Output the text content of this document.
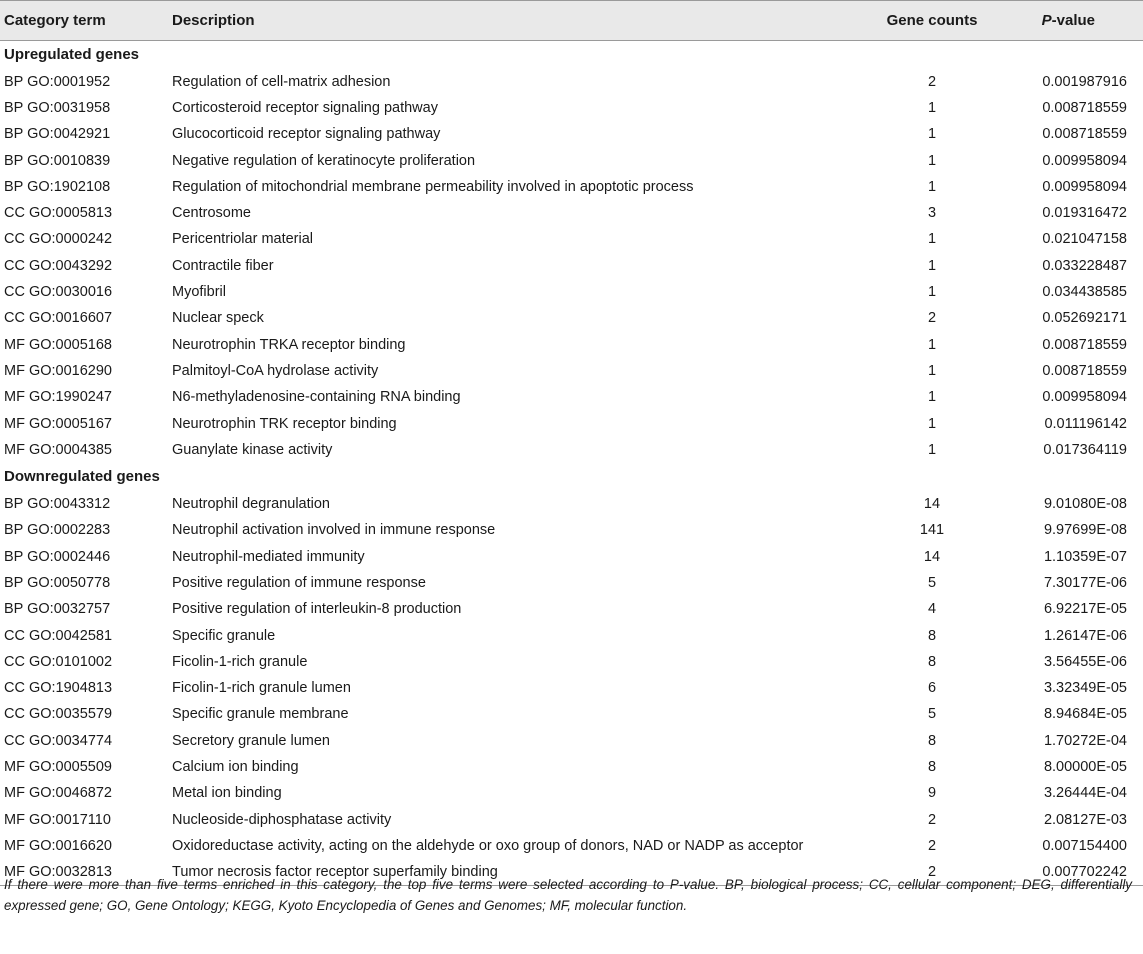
Category term	Description	Gene counts	P-value
Upregulated genes			
BP GO:0001952	Regulation of cell-matrix adhesion	2	0.001987916
BP GO:0031958	Corticosteroid receptor signaling pathway	1	0.008718559
BP GO:0042921	Glucocorticoid receptor signaling pathway	1	0.008718559
BP GO:0010839	Negative regulation of keratinocyte proliferation	1	0.009958094
BP GO:1902108	Regulation of mitochondrial membrane permeability involved in apoptotic process	1	0.009958094
CC GO:0005813	Centrosome	3	0.019316472
CC GO:0000242	Pericentriolar material	1	0.021047158
CC GO:0043292	Contractile fiber	1	0.033228487
CC GO:0030016	Myofibril	1	0.034438585
CC GO:0016607	Nuclear speck	2	0.052692171
MF GO:0005168	Neurotrophin TRKA receptor binding	1	0.008718559
MF GO:0016290	Palmitoyl-CoA hydrolase activity	1	0.008718559
MF GO:1990247	N6-methyladenosine-containing RNA binding	1	0.009958094
MF GO:0005167	Neurotrophin TRK receptor binding	1	0.011196142
MF GO:0004385	Guanylate kinase activity	1	0.017364119
Downregulated genes			
BP GO:0043312	Neutrophil degranulation	14	9.01080E-08
BP GO:0002283	Neutrophil activation involved in immune response	141	9.97699E-08
BP GO:0002446	Neutrophil-mediated immunity	14	1.10359E-07
BP GO:0050778	Positive regulation of immune response	5	7.30177E-06
BP GO:0032757	Positive regulation of interleukin-8 production	4	6.92217E-05
CC GO:0042581	Specific granule	8	1.26147E-06
CC GO:0101002	Ficolin-1-rich granule	8	3.56455E-06
CC GO:1904813	Ficolin-1-rich granule lumen	6	3.32349E-05
CC GO:0035579	Specific granule membrane	5	8.94684E-05
CC GO:0034774	Secretory granule lumen	8	1.70272E-04
MF GO:0005509	Calcium ion binding	8	8.00000E-05
MF GO:0046872	Metal ion binding	9	3.26444E-04
MF GO:0017110	Nucleoside-diphosphatase activity	2	2.08127E-03
MF GO:0016620	Oxidoreductase activity, acting on the aldehyde or oxo group of donors, NAD or NADP as acceptor	2	0.007154400
MF GO:0032813	Tumor necrosis factor receptor superfamily binding	2	0.007702242
If there were more than five terms enriched in this category, the top five terms were selected according to P-value. BP, biological process; CC, cellular component; DEG, differentially expressed gene; GO, Gene Ontology; KEGG, Kyoto Encyclopedia of Genes and Genomes; MF, molecular function.
